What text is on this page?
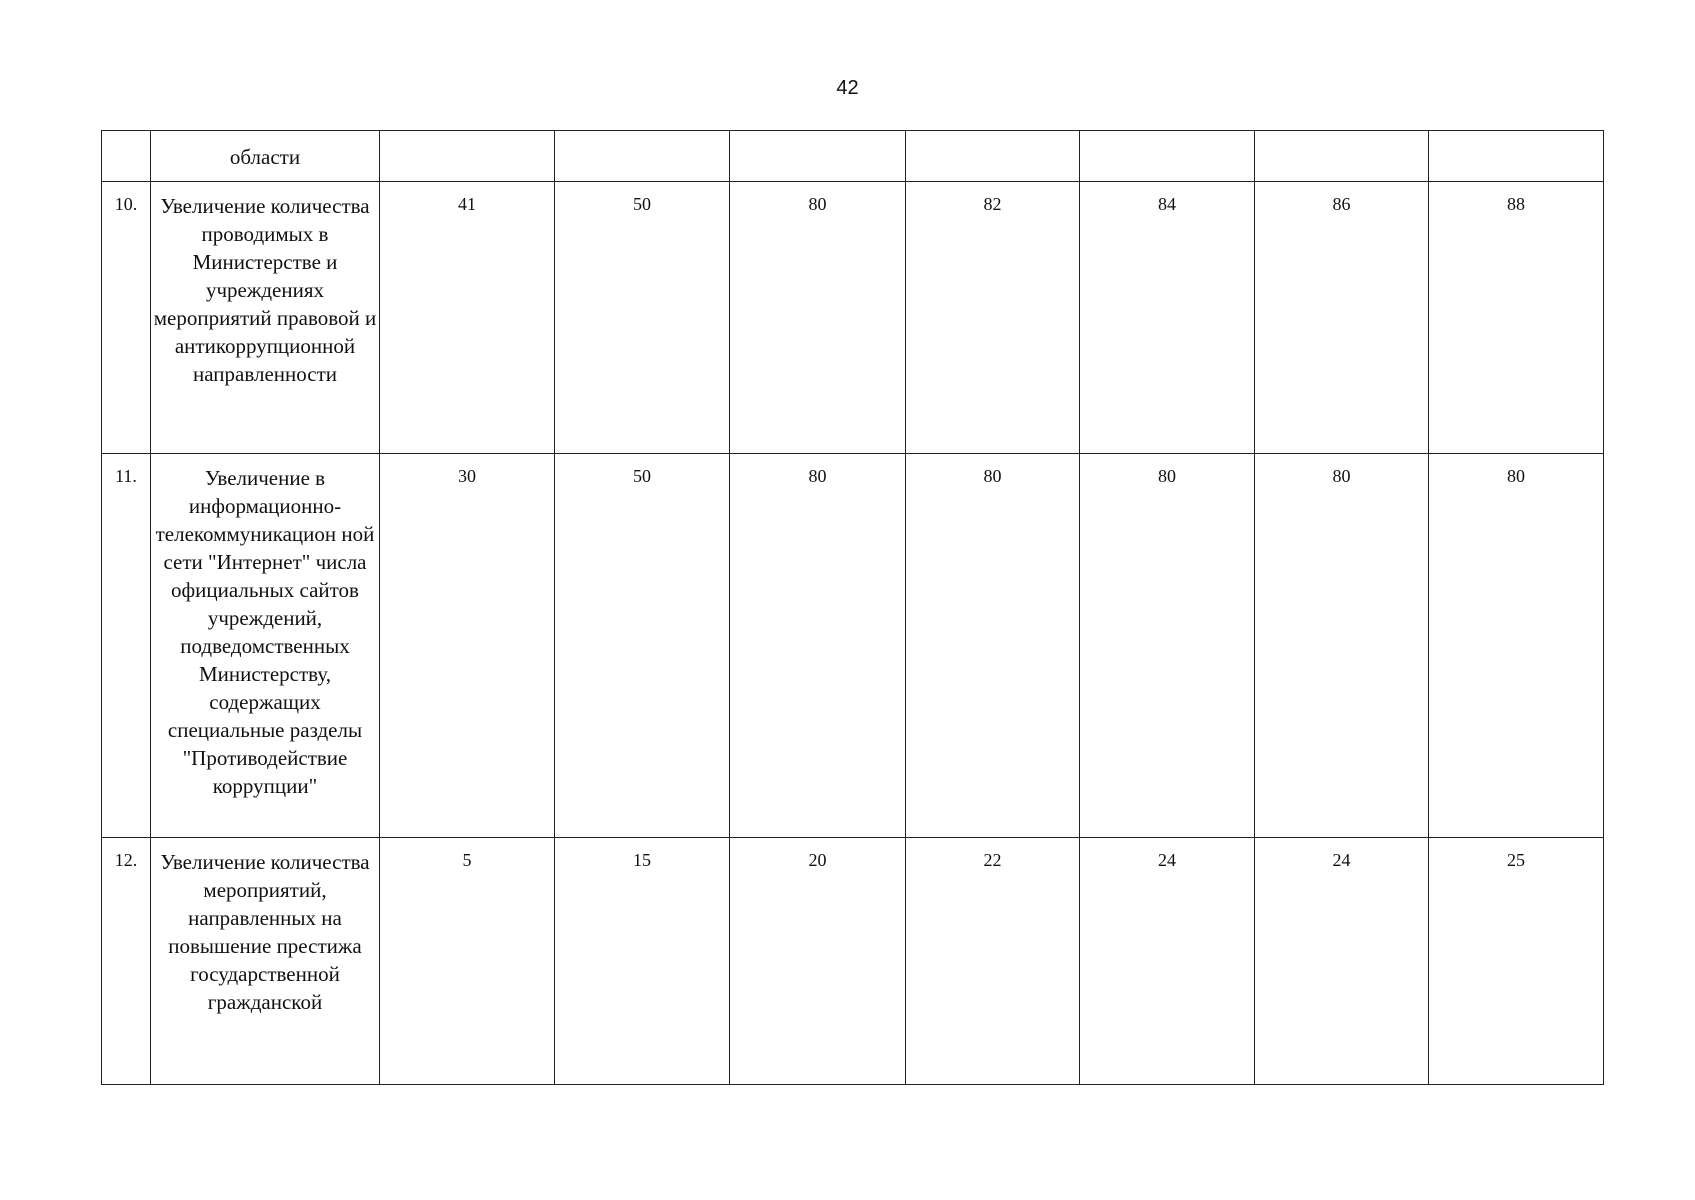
42
	области							
10.	Увеличение количества проводимых в Министерстве и учреждениях мероприятий правовой и антикоррупционной направленности	41	50	80	82	84	86	88
11.	Увеличение в информационно-телекоммуникацион ной сети "Интернет" числа официальных сайтов учреждений, подведомственных Министерству, содержащих специальные разделы "Противодействие коррупции"	30	50	80	80	80	80	80
12.	Увеличение количества мероприятий, направленных на повышение престижа государственной гражданской	5	15	20	22	24	24	25
